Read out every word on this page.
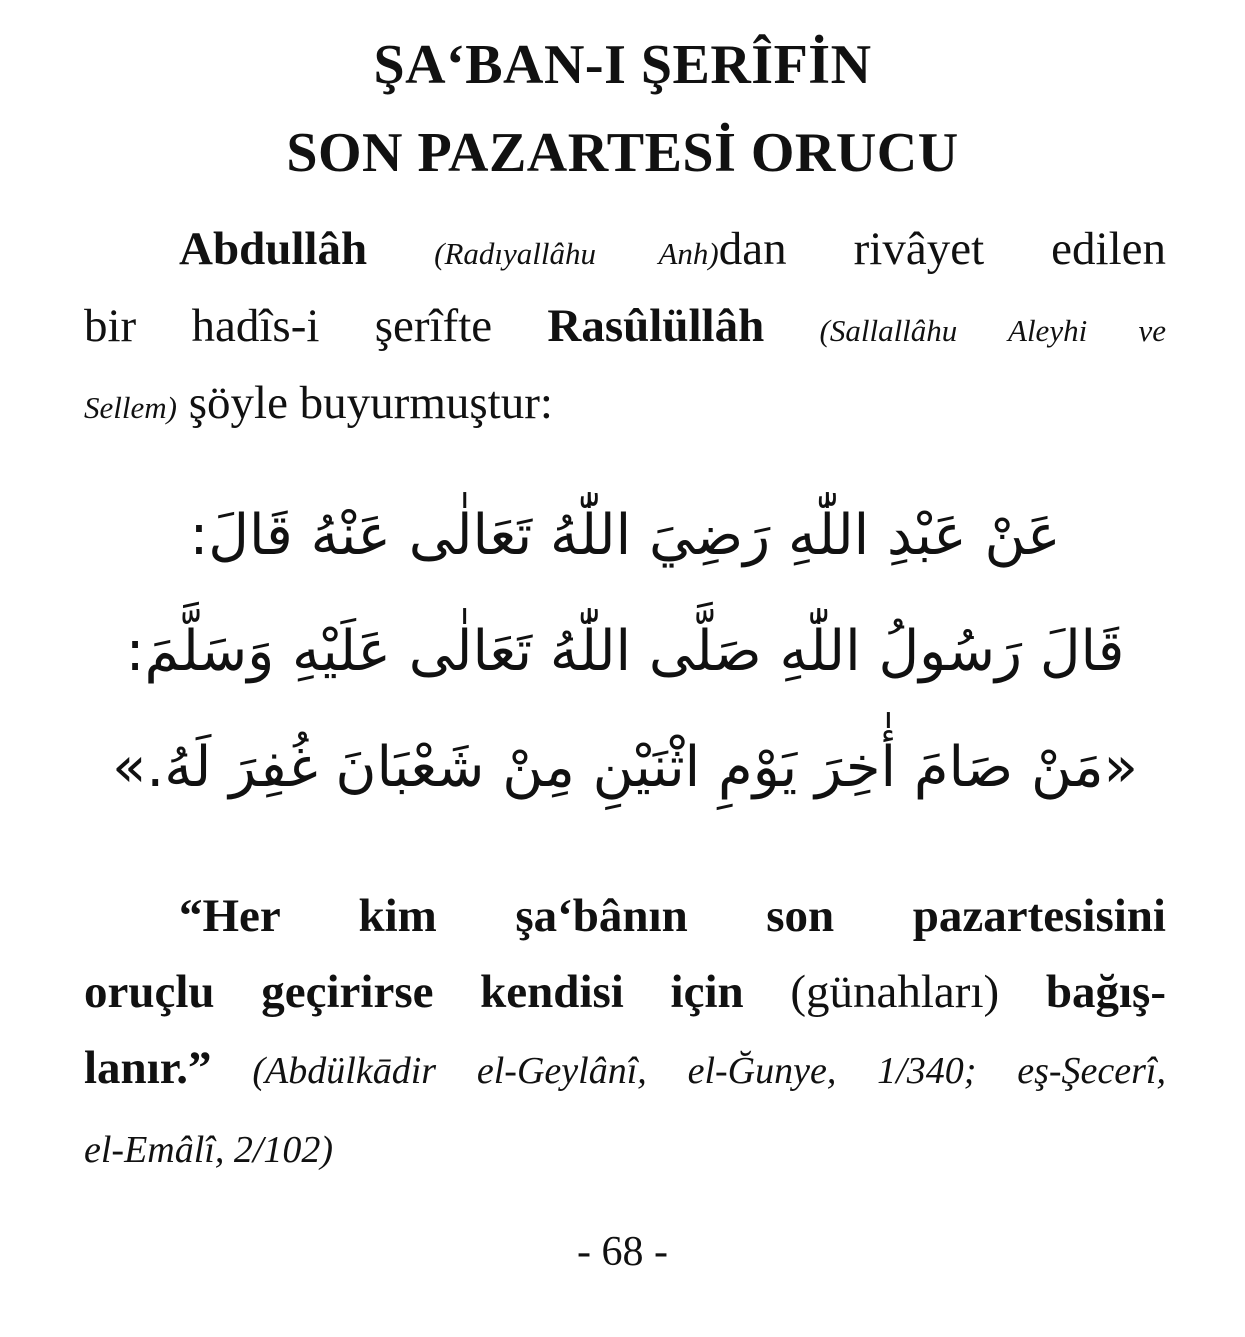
ŞA‘BAN-I ŞERÎFİN
SON PAZARTESİ ORUCU
Abdullâh (Radıyallâhu Anh)dan rivâyet edilen
bir hadîs-i şerîfte Rasûlüllâh (Sallallâhu Aleyhi ve
Sellem) şöyle buyurmuştur:
عَنْ عَبْدِ اللّٰهِ رَضِيَ اللّٰهُ تَعَالٰى عَنْهُ قَالَ:
قَالَ رَسُولُ اللّٰهِ صَلَّى اللّٰهُ تَعَالٰى عَلَيْهِ وَسَلَّمَ:
«مَنْ صَامَ أٰخِرَ يَوْمِ اثْنَيْنِ مِنْ شَعْبَانَ غُفِرَ لَهُ.»
“Her kim şa‘bânın son pazartesisini
oruçlu geçirirse kendisi için (günahları) bağış-
lanır.” (Abdülkādir el-Geylânî, el-Ğunye, 1/340; eş-Şecerî,
el-Emâlî, 2/102)
- 68 -
